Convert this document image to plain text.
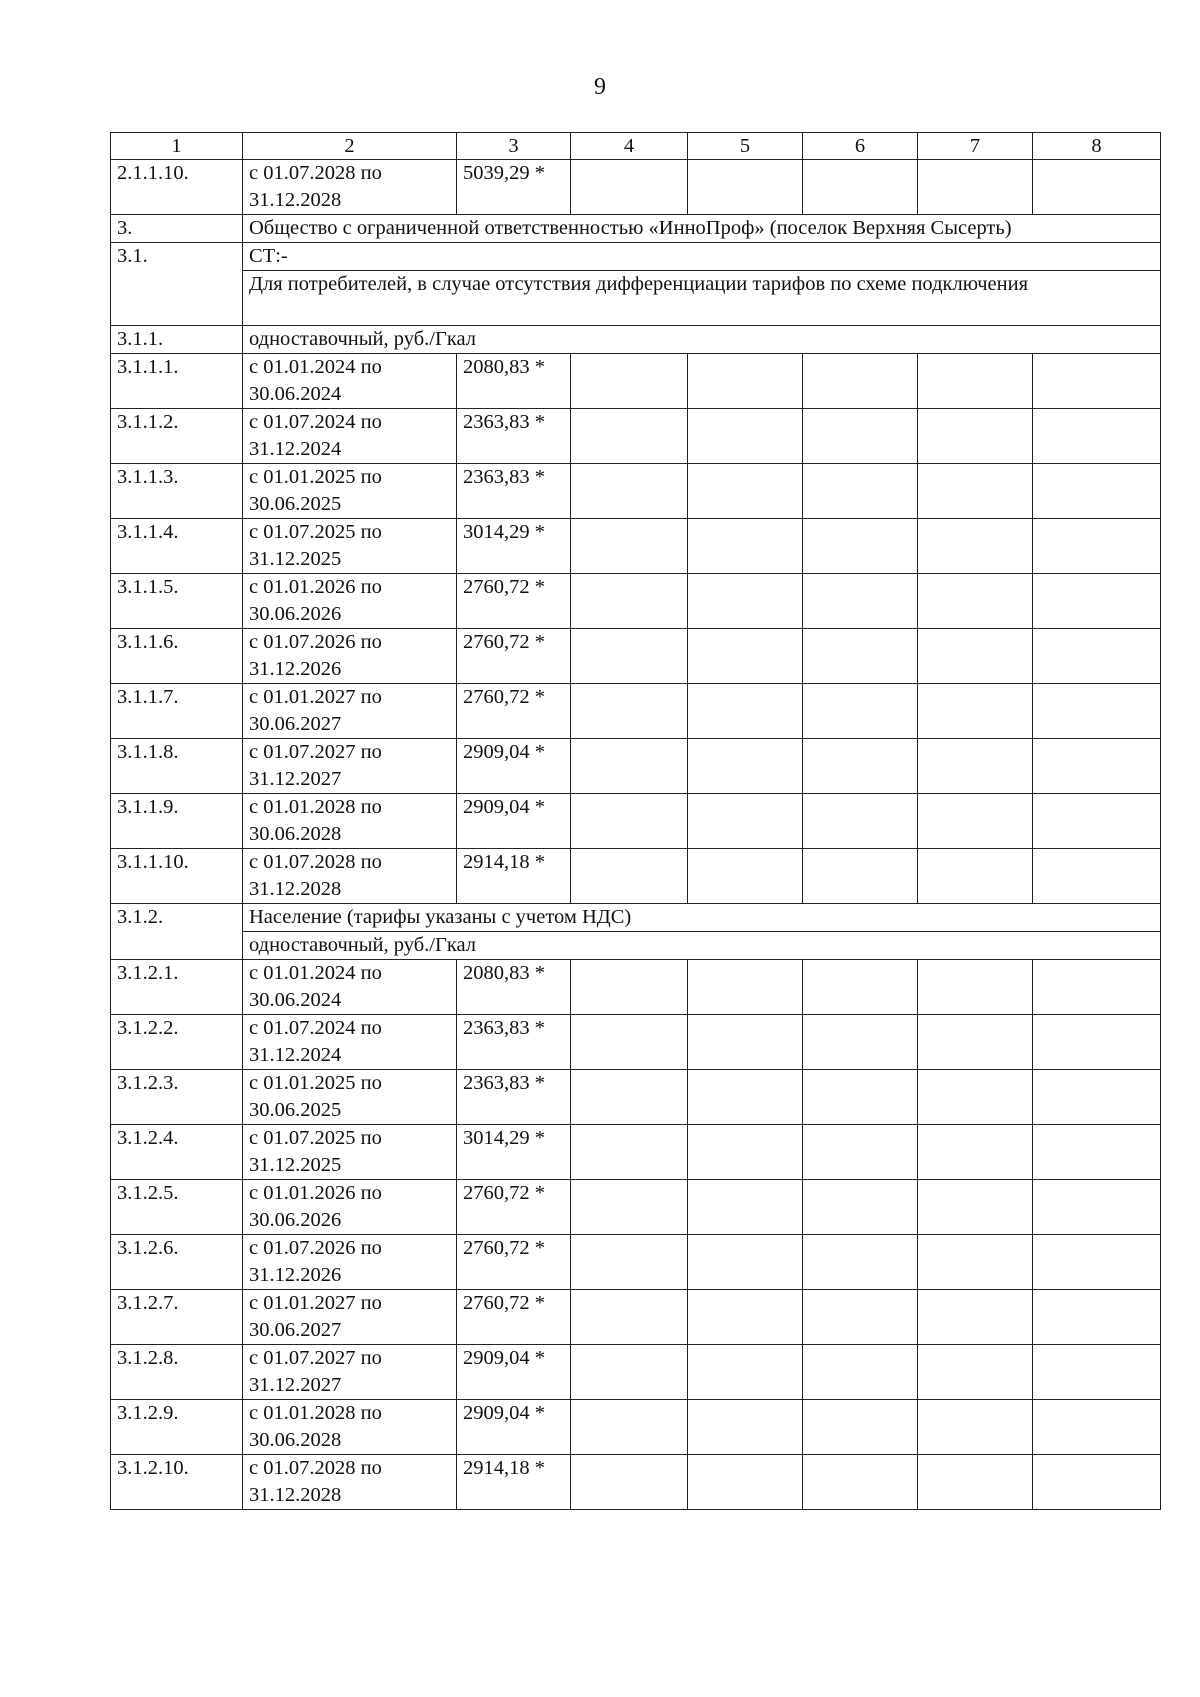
9
1	2	3	4	5	6	7	8
2.1.1.10.	с 01.07.2028 по 31.12.2028	5039,29 *					
3.	Общество с ограниченной ответственностью «ИнноПроф» (поселок Верхняя Сысерть)						
3.1.	СТ:-						
	Для потребителей, в случае отсутствия дифференциации тарифов по схеме подключения						
3.1.1.	одноставочный, руб./Гкал						
3.1.1.1.	с 01.01.2024 по 30.06.2024	2080,83 *					
3.1.1.2.	с 01.07.2024 по 31.12.2024	2363,83 *					
3.1.1.3.	с 01.01.2025 по 30.06.2025	2363,83 *					
3.1.1.4.	с 01.07.2025 по 31.12.2025	3014,29 *					
3.1.1.5.	с 01.01.2026 по 30.06.2026	2760,72 *					
3.1.1.6.	с 01.07.2026 по 31.12.2026	2760,72 *					
3.1.1.7.	с 01.01.2027 по 30.06.2027	2760,72 *					
3.1.1.8.	с 01.07.2027 по 31.12.2027	2909,04 *					
3.1.1.9.	с 01.01.2028 по 30.06.2028	2909,04 *					
3.1.1.10.	с 01.07.2028 по 31.12.2028	2914,18 *					
3.1.2.	Население (тарифы указаны с учетом НДС)						
	одноставочный, руб./Гкал						
3.1.2.1.	с 01.01.2024 по 30.06.2024	2080,83 *					
3.1.2.2.	с 01.07.2024 по 31.12.2024	2363,83 *					
3.1.2.3.	с 01.01.2025 по 30.06.2025	2363,83 *					
3.1.2.4.	с 01.07.2025 по 31.12.2025	3014,29 *					
3.1.2.5.	с 01.01.2026 по 30.06.2026	2760,72 *					
3.1.2.6.	с 01.07.2026 по 31.12.2026	2760,72 *					
3.1.2.7.	с 01.01.2027 по 30.06.2027	2760,72 *					
3.1.2.8.	с 01.07.2027 по 31.12.2027	2909,04 *					
3.1.2.9.	с 01.01.2028 по 30.06.2028	2909,04 *					
3.1.2.10.	с 01.07.2028 по 31.12.2028	2914,18 *					
